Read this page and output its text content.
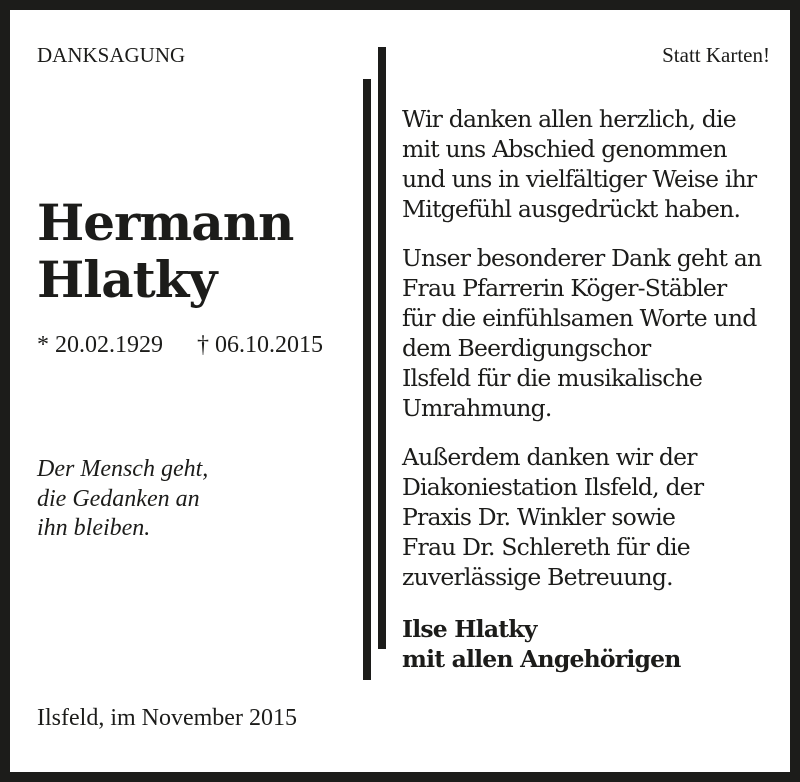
DANKSAGUNG	Statt Karten!
Hermann
Hlatky
* 20.02.1929 † 06.10.2015
Der Mensch geht,
die Gedanken an
ihn bleiben.
Wir danken allen herzlich, die
mit uns Abschied genommen
und uns in vielfältiger Weise ihr
Mitgefühl ausgedrückt haben.
Unser besonderer Dank geht an
Frau Pfarrerin Köger-Stäbler
für die einfühlsamen Worte und
dem Beerdigungschor
Ilsfeld für die musikalische
Umrahmung.
Außerdem danken wir der
Diakoniestation Ilsfeld, der
Praxis Dr. Winkler sowie
Frau Dr. Schlereth für die
zuverlässige Betreuung.
Ilse Hlatky
mit allen Angehörigen
Ilsfeld, im November 2015
